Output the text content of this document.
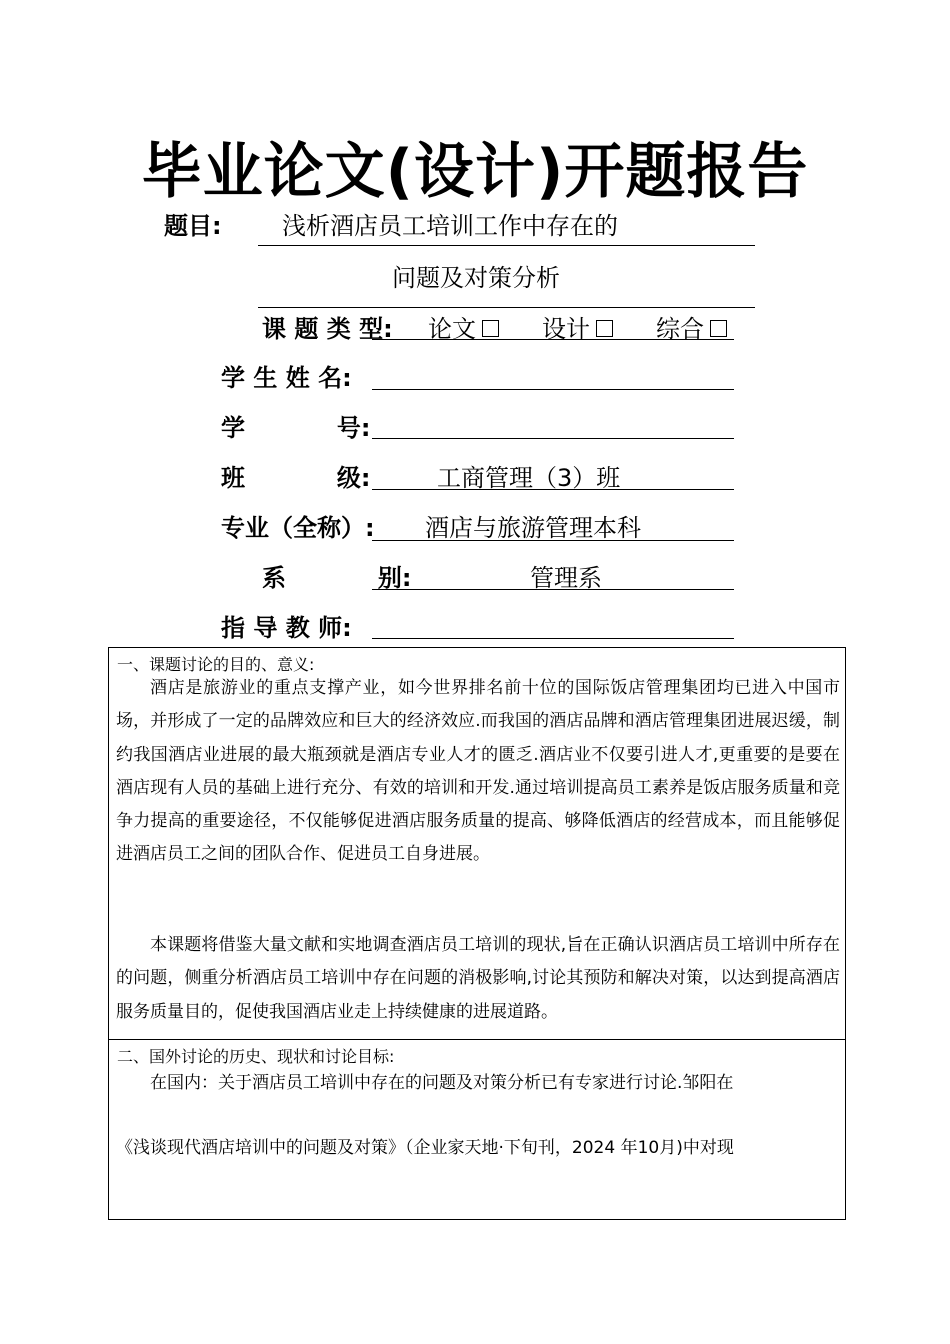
毕业论文(设计)开题报告
题目:	浅析酒店员工培训工作中存在的
问题及对策分析
课 题 类 型: 论文	设计	综合
学 生 姓 名:
学           号:
班           级:	工商管理（3）班
专业（全称）: 酒店与旅游管理本科
系           别:	管理系
指 导 教 师:
一、课题讨论的目的、意义:
酒店是旅游业的重点支撑产业，如今世界排名前十位的国际饭店管理集团均已进入中国市场，并形成了一定的品牌效应和巨大的经济效应.而我国的酒店品牌和酒店管理集团进展迟缓，制约我国酒店业进展的最大瓶颈就是酒店专业人才的匮乏.酒店业不仅要引进人才,更重要的是要在酒店现有人员的基础上进行充分、有效的培训和开发.通过培训提高员工素养是饭店服务质量和竞争力提高的重要途径，不仅能够促进酒店服务质量的提高、够降低酒店的经营成本，而且能够促进酒店员工之间的团队合作、促进员工自身进展。
本课题将借鉴大量文献和实地调查酒店员工培训的现状,旨在正确认识酒店员工培训中所存在的问题，侧重分析酒店员工培训中存在问题的消极影响,讨论其预防和解决对策，以达到提高酒店服务质量目的，促使我国酒店业走上持续健康的进展道路。
二、国外讨论的历史、现状和讨论目标:
在国内：关于酒店员工培训中存在的问题及对策分析已有专家进行讨论.邹阳在
《浅谈现代酒店培训中的问题及对策》（企业家天地·下旬刊，2024 年10月)中对现
